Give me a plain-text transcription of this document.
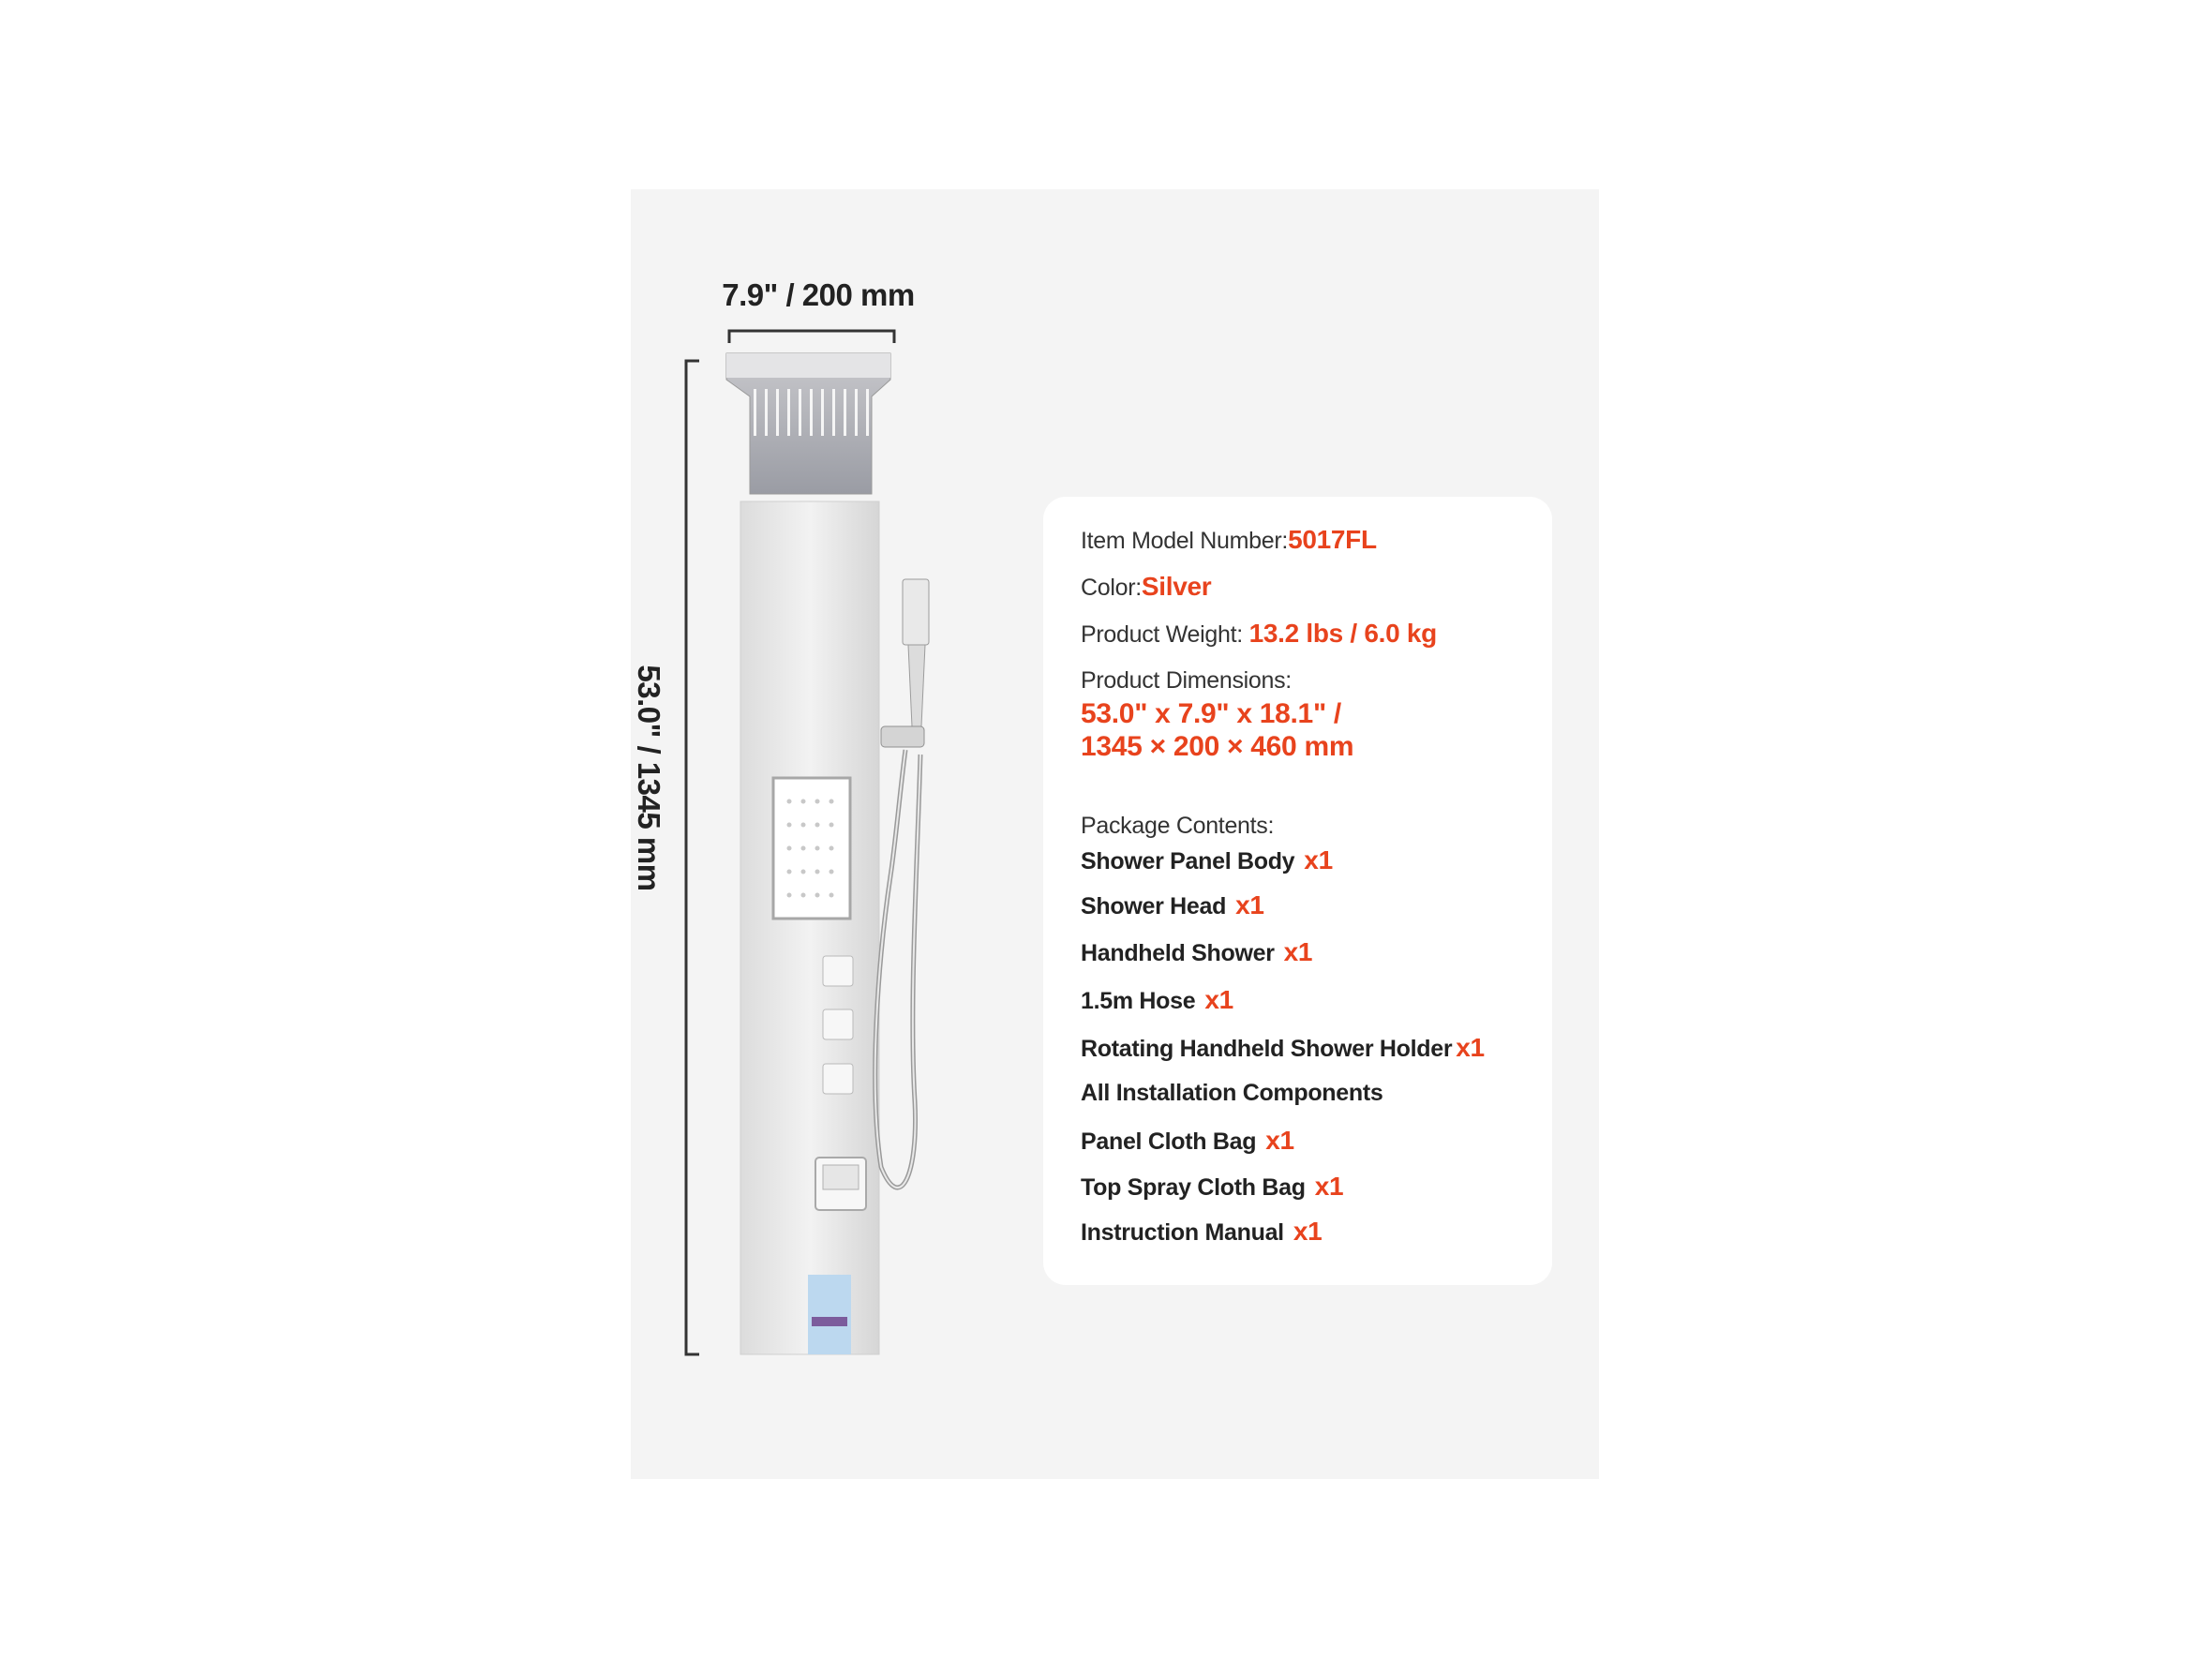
7.9" / 200 mm
53.0" / 1345 mm
Item Model Number:5017FL
Color:Silver
Product Weight: 13.2 lbs / 6.0 kg
Product Dimensions:
53.0" x 7.9" x 18.1" /
1345 × 200 × 460 mm
Package Contents:
Shower Panel Body x1
Shower Head x1
Handheld Shower x1
1.5m Hose x1
Rotating Handheld Shower Holder x1
All Installation Components
Panel Cloth Bag x1
Top Spray Cloth Bag x1
Instruction Manual x1
